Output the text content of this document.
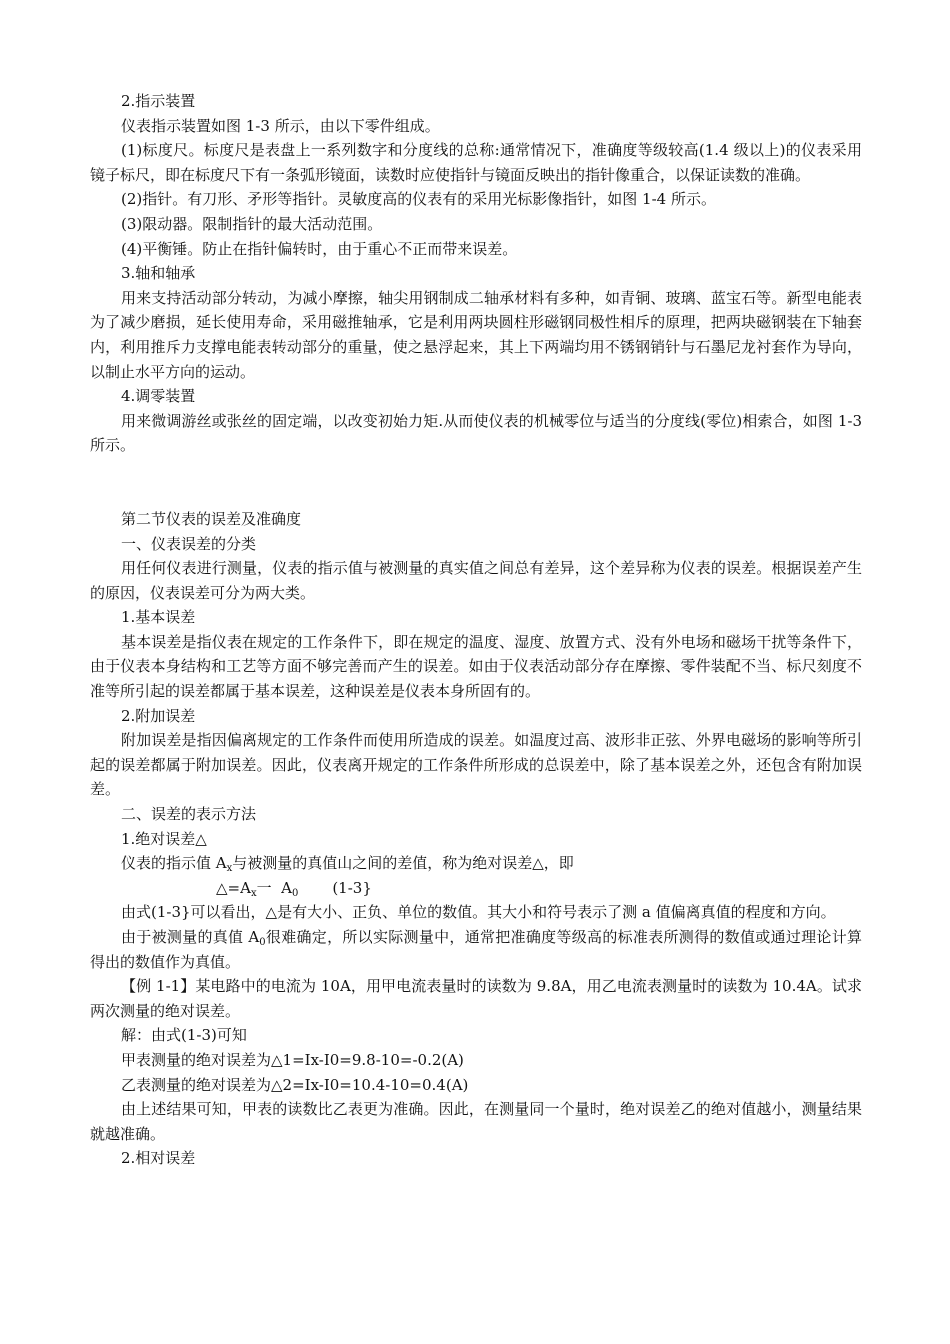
2.指示装置

仪表指示装置如图 1-3 所示，由以下零件组成。

(1)标度尺。标度尺是表盘上一系列数字和分度线的总称:通常情况下，准确度等级较高(1.4 级以上)的仪表采用镜子标尺，即在标度尺下有一条弧形镜面，读数时应使指针与镜面反映出的指针像重合，以保证读数的准确。

(2)指针。有刀形、矛形等指针。灵敏度高的仪表有的采用光标影像指针，如图 1-4 所示。

(3)限动器。限制指针的最大活动范围。

(4)平衡锤。防止在指针偏转时，由于重心不正而带来误差。

3.轴和轴承

用来支持活动部分转动，为减小摩擦，轴尖用钢制成二轴承材料有多种，如青铜、玻璃、蓝宝石等。新型电能表为了减少磨损，延长使用寿命，采用磁推轴承，它是利用两块圆柱形磁钢同极性相斥的原理，把两块磁钢装在下轴套内，利用推斥力支撑电能表转动部分的重量，使之悬浮起来，其上下两端均用不锈钢销针与石墨尼龙衬套作为导向，以制止水平方向的运动。

4.调零装置

用来微调游丝或张丝的固定端，以改变初始力矩.从而使仪表的机械零位与适当的分度线(零位)相索合，如图 1-3 所示。

第二节仪表的误差及准确度

一、仪表误差的分类

用任何仪表进行测量，仪表的指示值与被测量的真实值之间总有差异，这个差异称为仪表的误差。根据误差产生的原因，仪表误差可分为两大类。

1.基本误差

基本误差是指仪表在规定的工作条件下，即在规定的温度、湿度、放置方式、没有外电场和磁场干扰等条件下，由于仪表本身结构和工艺等方面不够完善而产生的误差。如由于仪表活动部分存在摩擦、零件装配不当、标尺刻度不准等所引起的误差都属于基本误差，这种误差是仪表本身所固有的。

2.附加误差

附加误差是指因偏离规定的工作条件而使用所造成的误差。如温度过高、波形非正弦、外界电磁场的影响等所引起的误差都属于附加误差。因此，仪表离开规定的工作条件所形成的总误差中，除了基本误差之外，还包含有附加误差。

二、误差的表示方法

1.绝对误差△

仪表的指示值 $A_x$与被测量的真值山之间的差值，称为绝对误差△，即

$\triangle=A_x$一  $A_0$ (1-3}

由式(1-3}可以看出，△是有大小、正负、单位的数值。其大小和符号表示了测 a 值偏离真值的程度和方向。

由于被测量的真值 $A_0$很难确定，所以实际测量中，通常把准确度等级高的标准表所测得的数值或通过理论计算得出的数值作为真值。

【例 1-1】某电路中的电流为 10A，用甲电流表量时的读数为 9.8A，用乙电流表测量时的读数为 10.4A。试求两次测量的绝对误差。

解：由式(1-3)可知

甲表测量的绝对误差为△1=Ix-I0=9.8-10=-0.2(A)

乙表测量的绝对误差为△2=Ix-I0=10.4-10=0.4(A)

由上述结果可知，甲表的读数比乙表更为准确。因此，在测量同一个量时，绝对误差乙的绝对值越小，测量结果就越准确。

2.相对误差
